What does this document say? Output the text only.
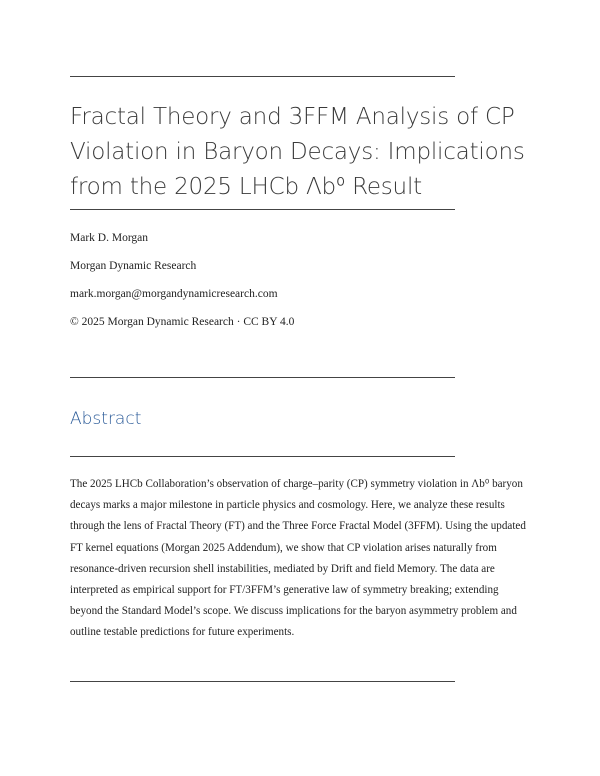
Fractal Theory and 3FFM Analysis of CP Violation in Baryon Decays: Implications from the 2025 LHCb Λb⁰ Result
Mark D. Morgan
Morgan Dynamic Research
mark.morgan@morgandynamicresearch.com
© 2025 Morgan Dynamic Research · CC BY 4.0
Abstract

The 2025 LHCb Collaboration’s observation of charge–parity (CP) symmetry violation in Λb⁰ baryon decays marks a major milestone in particle physics and cosmology. Here, we analyze these results through the lens of Fractal Theory (FT) and the Three Force Fractal Model (3FFM). Using the updated FT kernel equations (Morgan 2025 Addendum), we show that CP violation arises naturally from resonance-driven recursion shell instabilities, mediated by Drift and field Memory. The data are interpreted as empirical support for FT/3FFM’s generative law of symmetry breaking; extending beyond the Standard Model’s scope. We discuss implications for the baryon asymmetry problem and outline testable predictions for future experiments.
